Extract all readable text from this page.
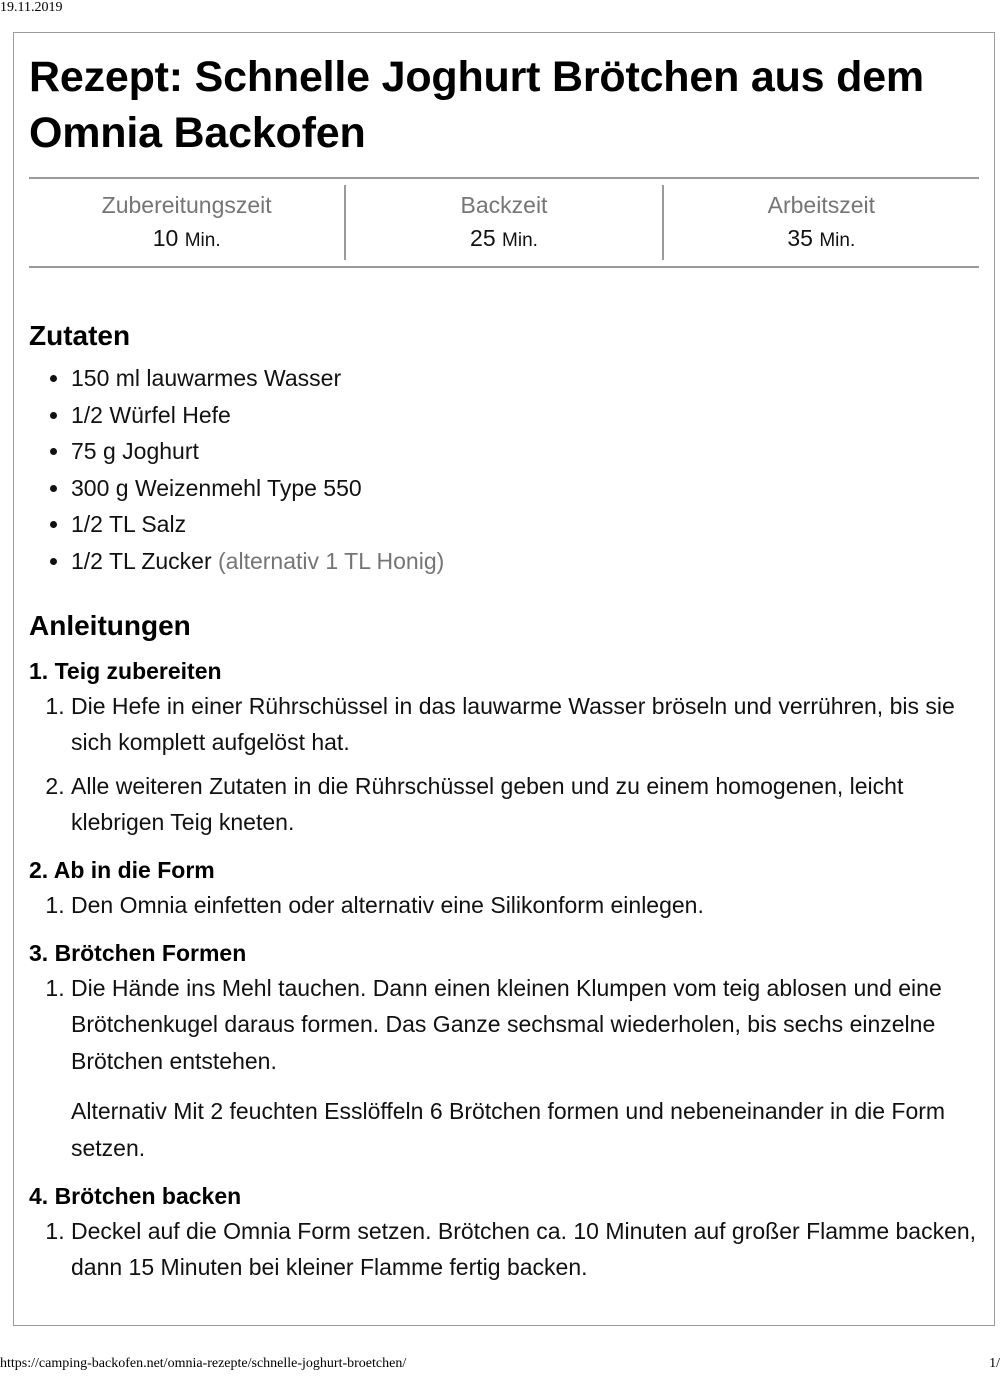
19.11.2019
Rezept: Schnelle Joghurt Brötchen aus dem Omnia Backofen
Zubereitungszeit
10 Min.
Backzeit
25 Min.
Arbeitszeit
35 Min.
Zutaten
• 150 ml lauwarmes Wasser
• 1/2 Würfel Hefe
• 75 g Joghurt
• 300 g Weizenmehl Type 550
• 1/2 TL Salz
• 1/2 TL Zucker (alternativ 1 TL Honig)
Anleitungen
1. Teig zubereiten

1. Die Hefe in einer Rührschüssel in das lauwarme Wasser bröseln und verrühren, bis sie sich komplett aufgelöst hat.

2. Alle weiteren Zutaten in die Rührschüssel geben und zu einem homogenen, leicht klebrigen Teig kneten.

2. Ab in die Form

1. Den Omnia einfetten oder alternativ eine Silikonform einlegen.

3. Brötchen Formen

1. Die Hände ins Mehl tauchen. Dann einen kleinen Klumpen vom teig ablosen und eine Brötchenkugel daraus formen. Das Ganze sechsmal wiederholen, bis sechs einzelne Brötchen entstehen.

Alternativ Mit 2 feuchten Esslöffeln 6 Brötchen formen und nebeneinander in die Form setzen.

4. Brötchen backen

1. Deckel auf die Omnia Form setzen. Brötchen ca. 10 Minuten auf großer Flamme backen, dann 15 Minuten bei kleiner Flamme fertig backen.

https://camping-backofen.net/omnia-rezepte/schnelle-joghurt-broetchen/	1/
